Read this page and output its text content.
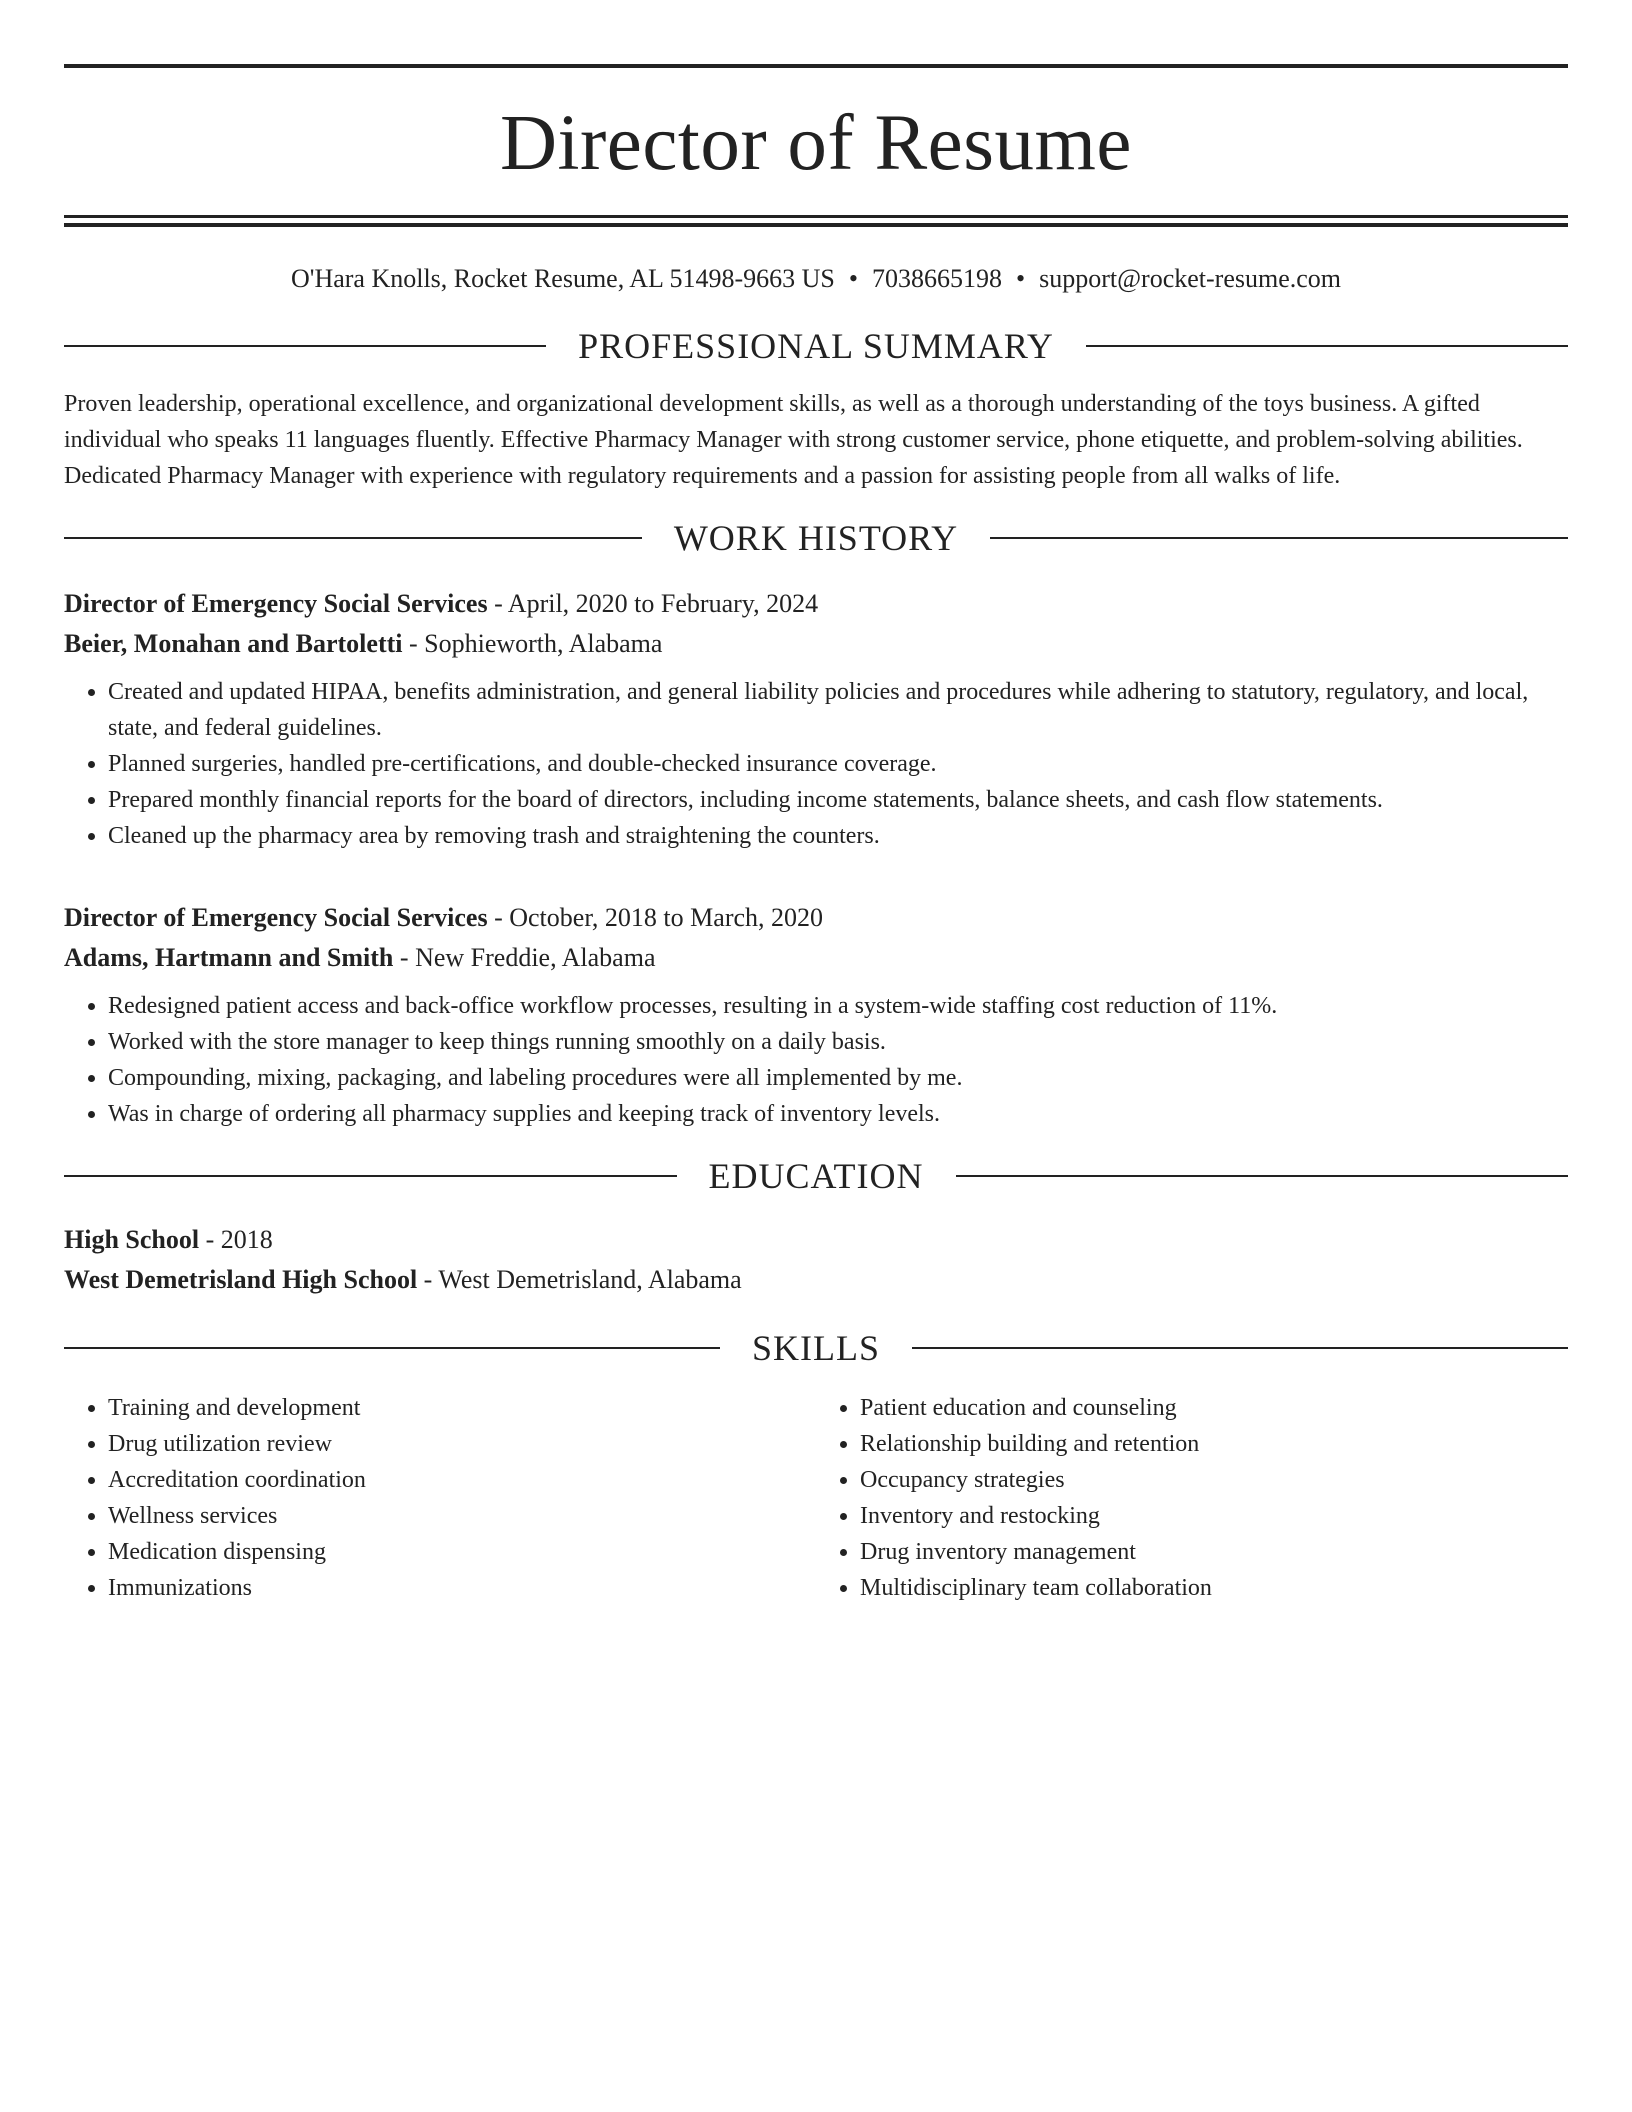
Director of Resume
O'Hara Knolls, Rocket Resume, AL 51498-9663 US • 7038665198 • support@rocket-resume.com
PROFESSIONAL SUMMARY

Proven leadership, operational excellence, and organizational development skills, as well as a thorough understanding of the toys business. A gifted individual who speaks 11 languages fluently. Effective Pharmacy Manager with strong customer service, phone etiquette, and problem-solving abilities. Dedicated Pharmacy Manager with experience with regulatory requirements and a passion for assisting people from all walks of life.

WORK HISTORY
Director of Emergency Social Services - April, 2020 to February, 2024
Beier, Monahan and Bartoletti - Sophieworth, Alabama
• Created and updated HIPAA, benefits administration, and general liability policies and procedures while adhering to statutory, regulatory, and local, state, and federal guidelines.
• Planned surgeries, handled pre-certifications, and double-checked insurance coverage.
• Prepared monthly financial reports for the board of directors, including income statements, balance sheets, and cash flow statements.
• Cleaned up the pharmacy area by removing trash and straightening the counters.
Director of Emergency Social Services - October, 2018 to March, 2020
Adams, Hartmann and Smith - New Freddie, Alabama
• Redesigned patient access and back-office workflow processes, resulting in a system-wide staffing cost reduction of 11%.
• Worked with the store manager to keep things running smoothly on a daily basis.
• Compounding, mixing, packaging, and labeling procedures were all implemented by me.
• Was in charge of ordering all pharmacy supplies and keeping track of inventory levels.
EDUCATION
High School - 2018
West Demetrisland High School - West Demetrisland, Alabama
SKILLS
• Training and development
• Drug utilization review
• Accreditation coordination
• Wellness services
• Medication dispensing
• Immunizations
• Patient education and counseling
• Relationship building and retention
• Occupancy strategies
• Inventory and restocking
• Drug inventory management
• Multidisciplinary team collaboration
